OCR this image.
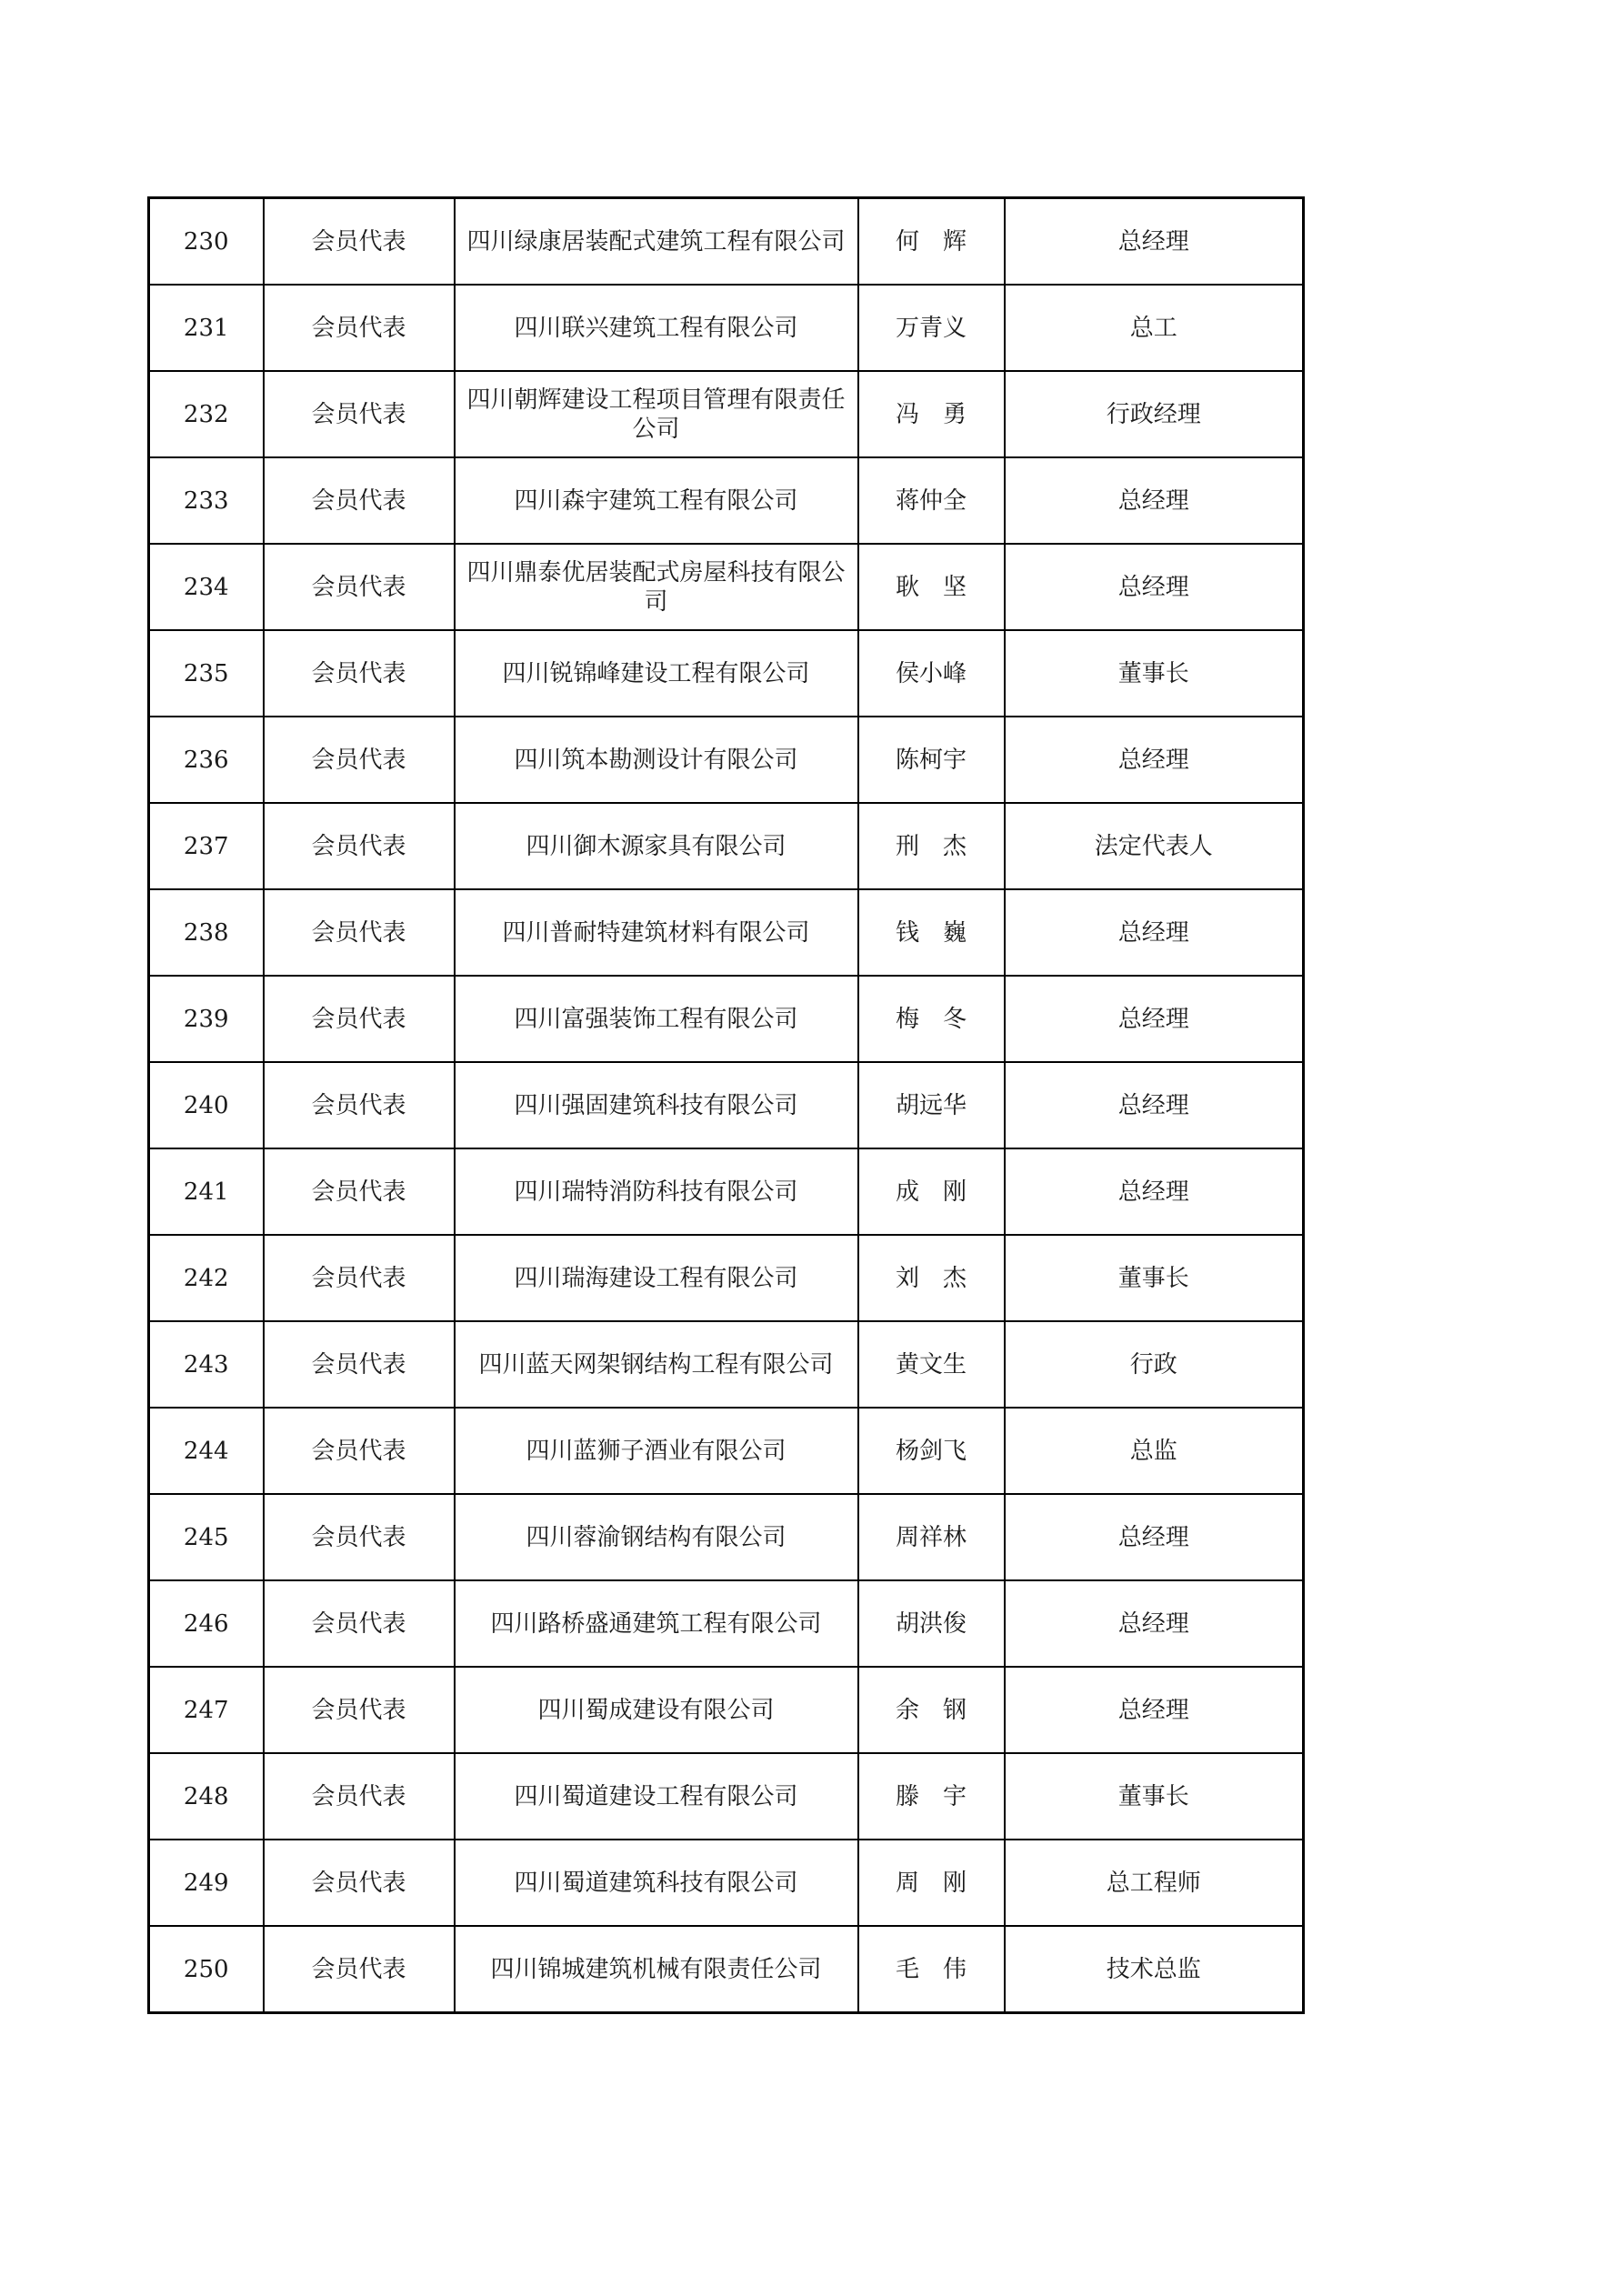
230	会员代表	四川绿康居装配式建筑工程有限公司	何　辉	总经理
231	会员代表	四川联兴建筑工程有限公司	万青义	总工
232	会员代表	四川朝辉建设工程项目管理有限责任公司	冯　勇	行政经理
233	会员代表	四川森宇建筑工程有限公司	蒋仲全	总经理
234	会员代表	四川鼎泰优居装配式房屋科技有限公司	耿　坚	总经理
235	会员代表	四川锐锦峰建设工程有限公司	侯小峰	董事长
236	会员代表	四川筑本勘测设计有限公司	陈柯宇	总经理
237	会员代表	四川御木源家具有限公司	刑　杰	法定代表人
238	会员代表	四川普耐特建筑材料有限公司	钱　巍	总经理
239	会员代表	四川富强装饰工程有限公司	梅　冬	总经理
240	会员代表	四川强固建筑科技有限公司	胡远华	总经理
241	会员代表	四川瑞特消防科技有限公司	成　刚	总经理
242	会员代表	四川瑞海建设工程有限公司	刘　杰	董事长
243	会员代表	四川蓝天网架钢结构工程有限公司	黄文生	行政
244	会员代表	四川蓝狮子酒业有限公司	杨剑飞	总监
245	会员代表	四川蓉渝钢结构有限公司	周祥林	总经理
246	会员代表	四川路桥盛通建筑工程有限公司	胡洪俊	总经理
247	会员代表	四川蜀成建设有限公司	余　钢	总经理
248	会员代表	四川蜀道建设工程有限公司	滕　宇	董事长
249	会员代表	四川蜀道建筑科技有限公司	周　刚	总工程师
250	会员代表	四川锦城建筑机械有限责任公司	毛　伟	技术总监
